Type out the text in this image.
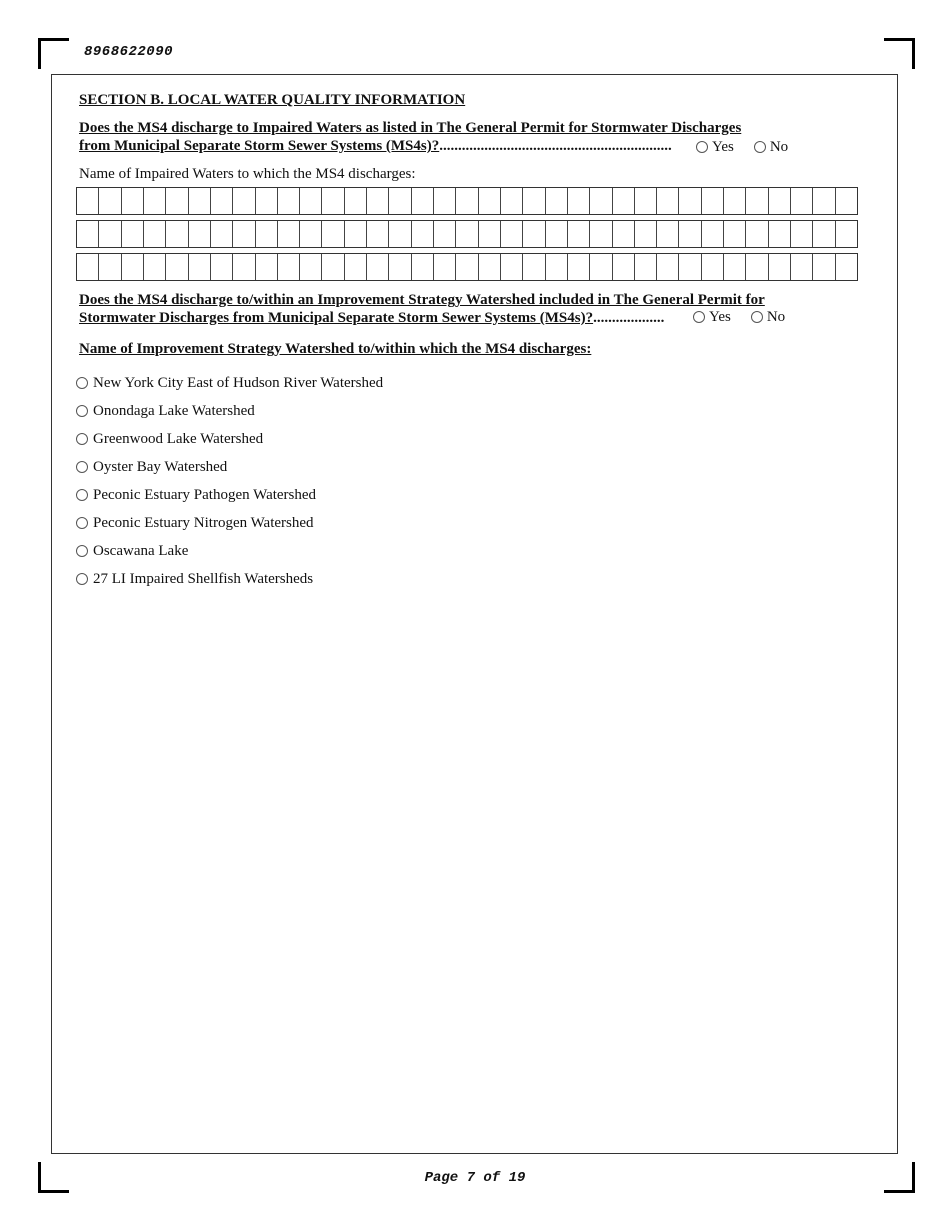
8968622090
SECTION B. LOCAL WATER QUALITY INFORMATION
Does the MS4 discharge to Impaired Waters as listed in The General Permit for Stormwater Discharges
from Municipal Separate Storm Sewer Systems (MS4s)?..............................................................	Yes No
Name of Impaired Waters to which the MS4 discharges:
Does the MS4 discharge to/within an Improvement Strategy Watershed included in The General Permit for
Stormwater Discharges from Municipal Separate Storm Sewer Systems (MS4s)?...................	Yes No
Name of Improvement Strategy Watershed to/within which the MS4 discharges:
New York City East of Hudson River Watershed
Onondaga Lake Watershed
Greenwood Lake Watershed
Oyster Bay Watershed
Peconic Estuary Pathogen Watershed
Peconic Estuary Nitrogen Watershed
Oscawana Lake
27 LI Impaired Shellfish Watersheds
Page 7 of 19
